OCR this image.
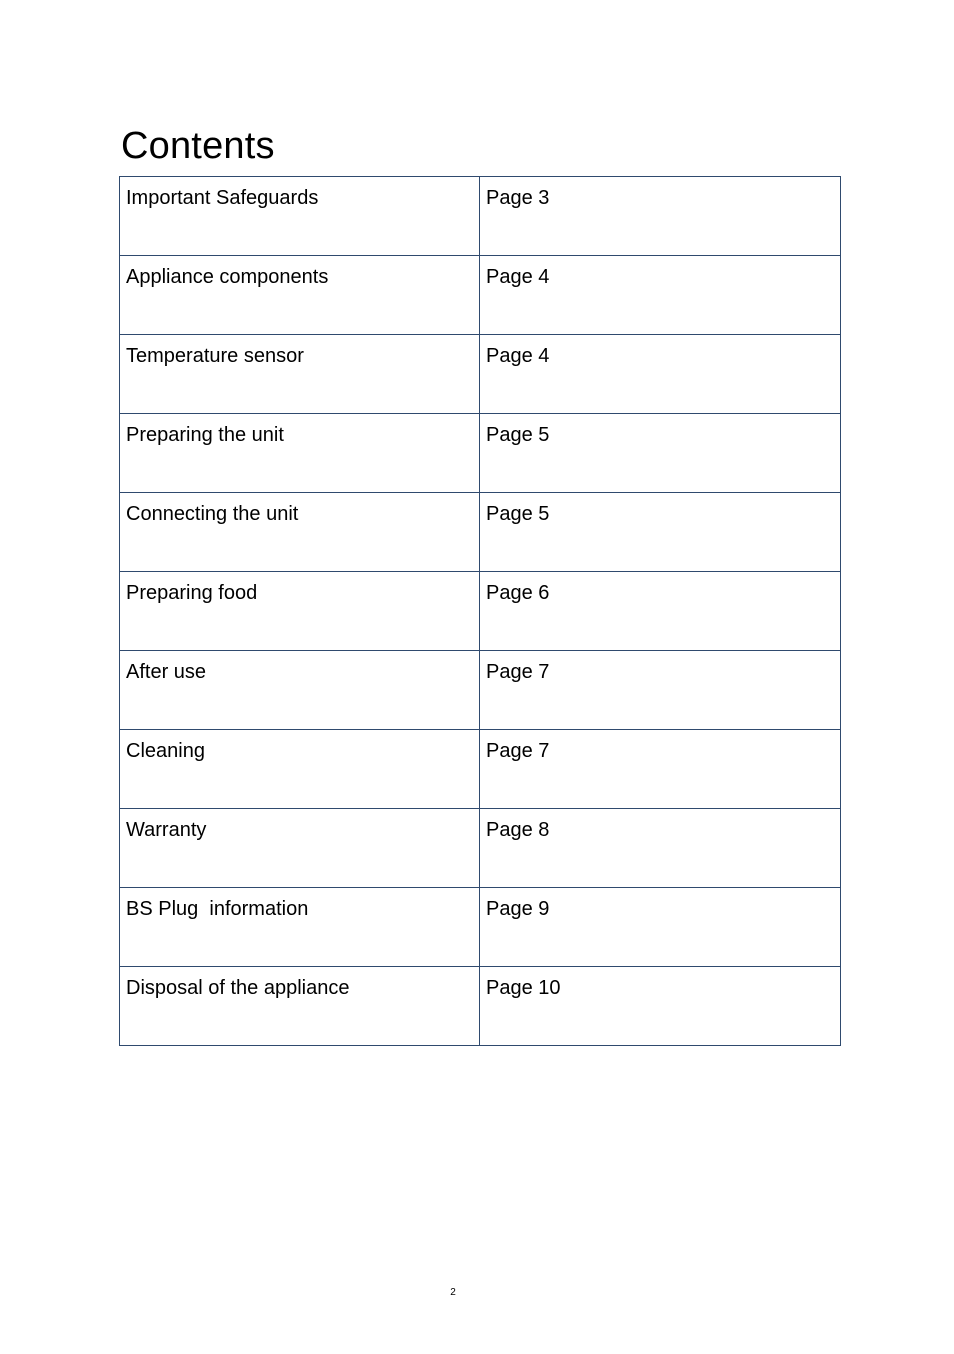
Contents
Important Safeguards	Page 3
Appliance components	Page 4
Temperature sensor	Page 4
Preparing the unit	Page 5
Connecting the unit	Page 5
Preparing food	Page 6
After use	Page 7
Cleaning	Page 7
Warranty	Page 8
BS Plug  information	Page 9
Disposal of the appliance	Page 10
2
